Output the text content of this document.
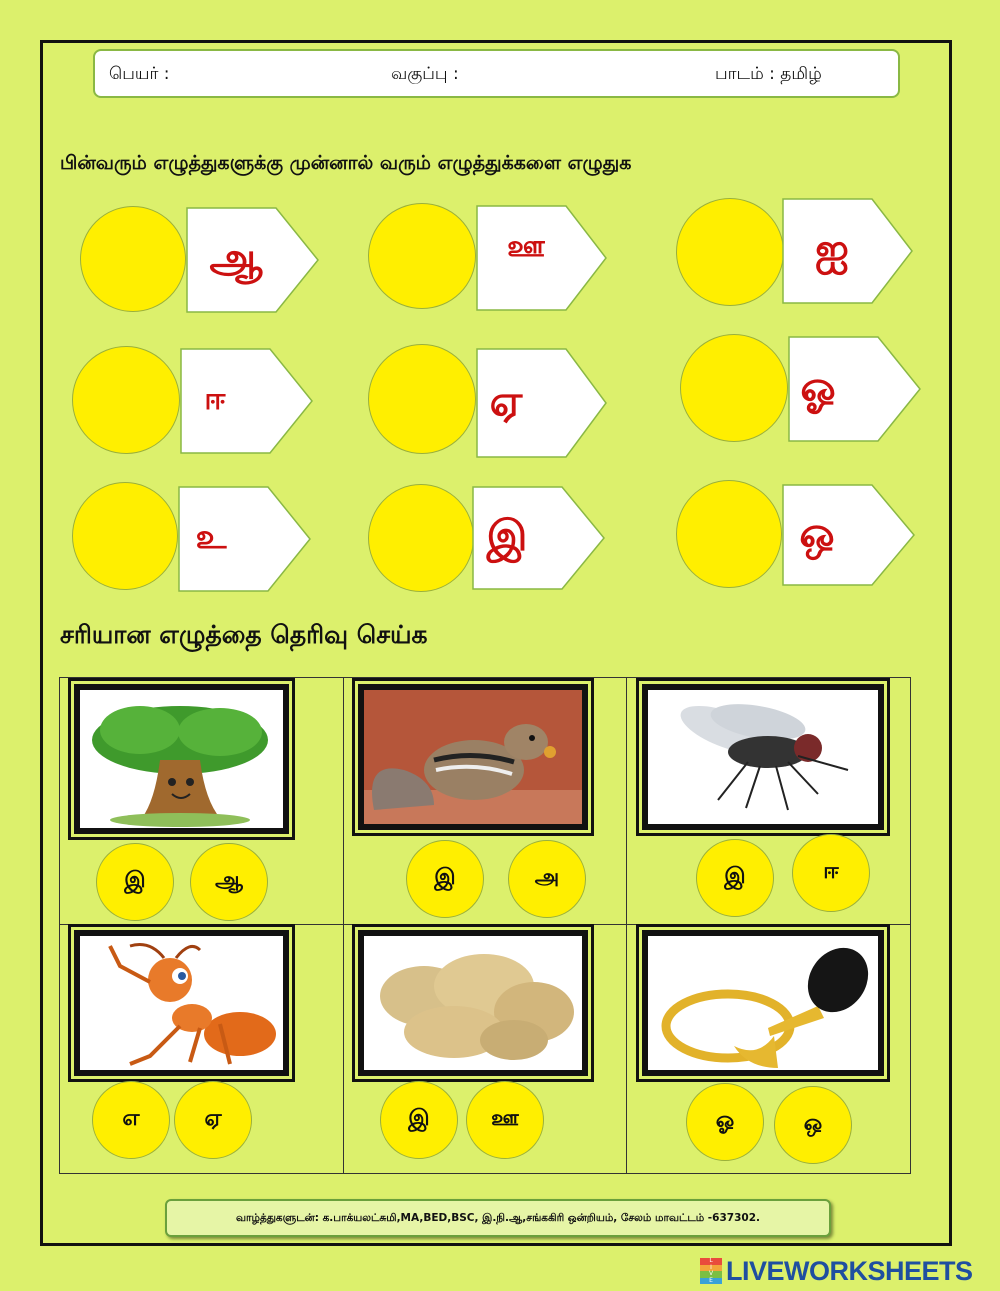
பெயர் :	வகுப்பு :	பாடம் : தமிழ்
பின்வரும் எழுத்துகளுக்கு முன்னால் வரும் எழுத்துக்களை எழுதுக
ஆ	ஊ	ஐ
ஈ	ஏ	ஓ
உ	இ	ஒ
சரியான எழுத்தை தெரிவு செய்க
இ	ஆ	இ	அ	இ	ஈ
எ	ஏ	இ	ஊ	ஓ	ஒ
வாழ்த்துகளுடன்: க.பாக்யலட்சுமி,MA,BED,BSC, இ.நி.ஆ,சங்ககிரி ஒன்றியம், சேலம் மாவட்டம் -637302.
L
I
V
E LIVEWORKSHEETS
